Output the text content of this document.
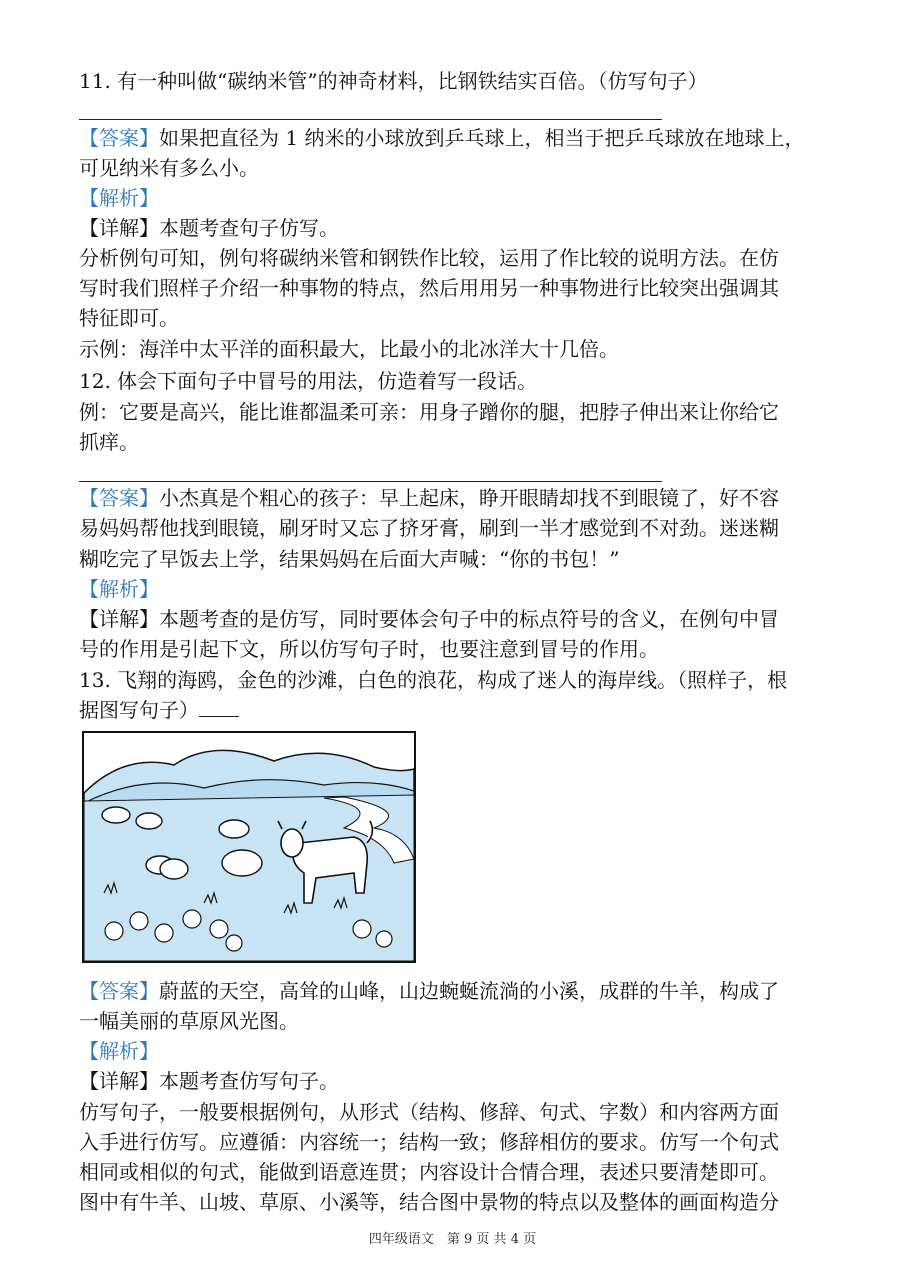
11. 有一种叫做“碳纳米管”的神奇材料，比钢铁结实百倍。（仿写句子）
【答案】如果把直径为 1 纳米的小球放到乒乓球上，相当于把乒乓球放在地球上，
可见纳米有多么小。
【解析】
【详解】本题考查句子仿写。
分析例句可知，例句将碳纳米管和钢铁作比较，运用了作比较的说明方法。在仿
写时我们照样子介绍一种事物的特点，然后用用另一种事物进行比较突出强调其
特征即可。
示例：海洋中太平洋的面积最大，比最小的北冰洋大十几倍。
12. 体会下面句子中冒号的用法，仿造着写一段话。
例：它要是高兴，能比谁都温柔可亲：用身子蹭你的腿，把脖子伸出来让你给它
抓痒。
【答案】小杰真是个粗心的孩子：早上起床，睁开眼睛却找不到眼镜了，好不容
易妈妈帮他找到眼镜，刷牙时又忘了挤牙膏，刷到一半才感觉到不对劲。迷迷糊
糊吃完了早饭去上学，结果妈妈在后面大声喊：“你的书包！”
【解析】
【详解】本题考查的是仿写，同时要体会句子中的标点符号的含义，在例句中冒
号的作用是引起下文，所以仿写句子时，也要注意到冒号的作用。
13. 飞翔的海鸥，金色的沙滩，白色的浪花，构成了迷人的海岸线。（照样子，根
据图写句子）
【答案】蔚蓝的天空，高耸的山峰，山边蜿蜒流淌的小溪，成群的牛羊，构成了
一幅美丽的草原风光图。
【解析】
【详解】本题考查仿写句子。
仿写句子，一般要根据例句，从形式（结构、修辞、句式、字数）和内容两方面
入手进行仿写。应遵循：内容统一；结构一致；修辞相仿的要求。仿写一个句式
相同或相似的句式，能做到语意连贯；内容设计合情合理，表述只要清楚即可。
图中有牛羊、山坡、草原、小溪等，结合图中景物的特点以及整体的画面构造分
四年级语文　第 9 页 共 4 页
